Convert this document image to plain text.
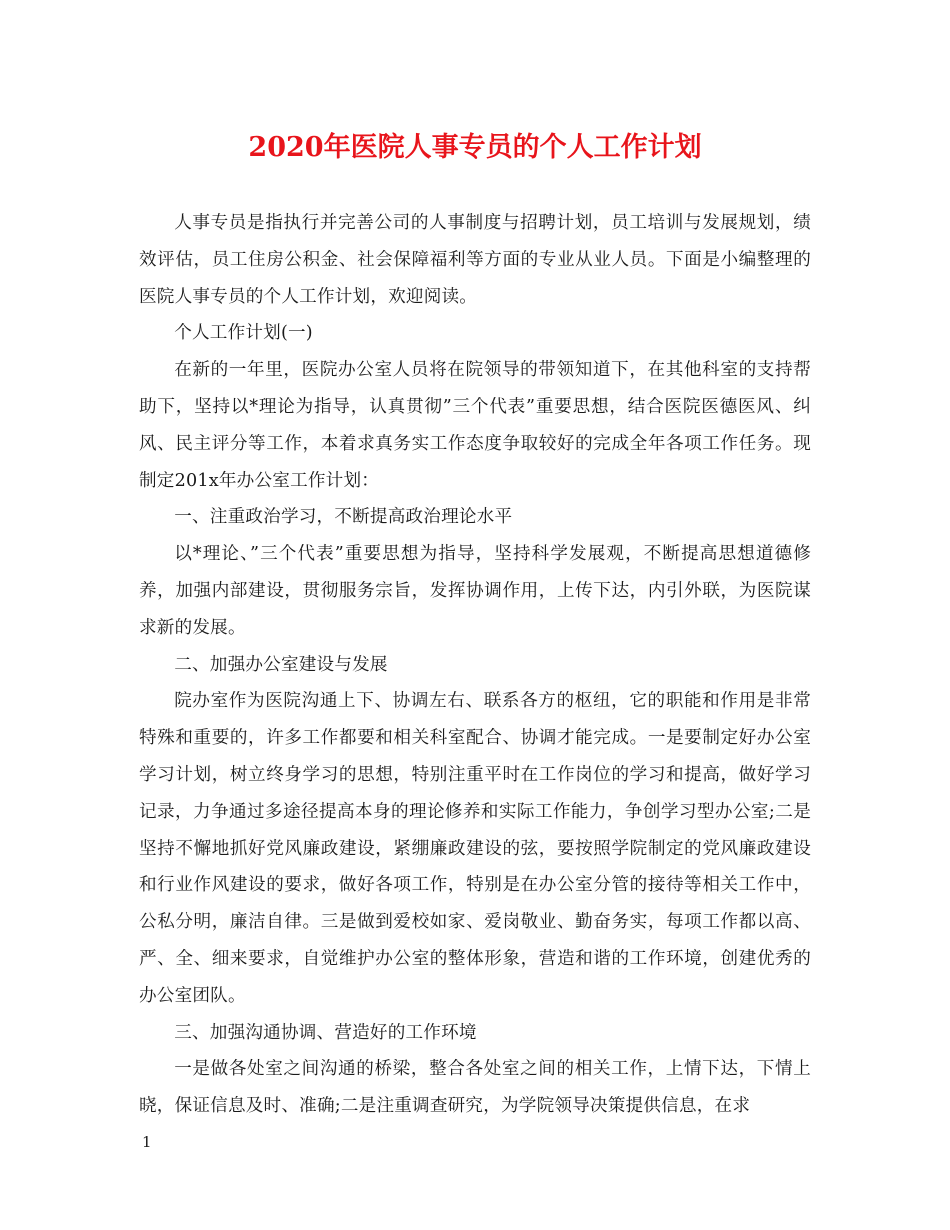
2020年医院人事专员的个人工作计划

人事专员是指执行并完善公司的人事制度与招聘计划，员工培训与发展规划，绩效评估，员工住房公积金、社会保障福利等方面的专业从业人员。下面是小编整理的医院人事专员的个人工作计划，欢迎阅读。

个人工作计划(一)

在新的一年里，医院办公室人员将在院领导的带领知道下，在其他科室的支持帮助下，坚持以*理论为指导，认真贯彻”三个代表”重要思想，结合医院医德医风、纠风、民主评分等工作，本着求真务实工作态度争取较好的完成全年各项工作任务。现制定201x年办公室工作计划：

一、注重政治学习，不断提高政治理论水平

以*理论、”三个代表”重要思想为指导，坚持科学发展观，不断提高思想道德修养，加强内部建设，贯彻服务宗旨，发挥协调作用，上传下达，内引外联，为医院谋求新的发展。

二、加强办公室建设与发展

院办室作为医院沟通上下、协调左右、联系各方的枢纽，它的职能和作用是非常特殊和重要的，许多工作都要和相关科室配合、协调才能完成。一是要制定好办公室学习计划，树立终身学习的思想，特别注重平时在工作岗位的学习和提高，做好学习记录，力争通过多途径提高本身的理论修养和实际工作能力，争创学习型办公室;二是坚持不懈地抓好党风廉政建设，紧绷廉政建设的弦，要按照学院制定的党风廉政建设和行业作风建设的要求，做好各项工作，特别是在办公室分管的接待等相关工作中，公私分明，廉洁自律。三是做到爱校如家、爱岗敬业、勤奋务实，每项工作都以高、严、全、细来要求，自觉维护办公室的整体形象，营造和谐的工作环境，创建优秀的办公室团队。

三、加强沟通协调、营造好的工作环境

一是做各处室之间沟通的桥梁，整合各处室之间的相关工作，上情下达，下情上晓，保证信息及时、准确;二是注重调查研究，为学院领导决策提供信息，在求

1
